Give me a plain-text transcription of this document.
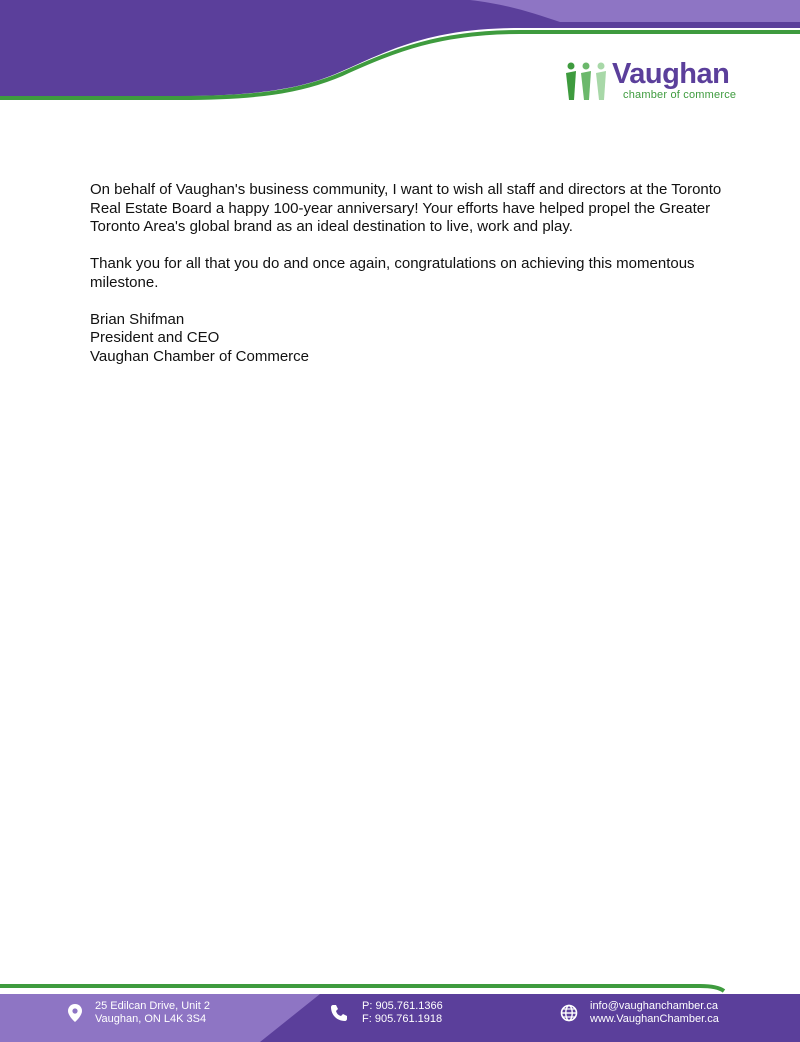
Vaughan
chamber of commerce

On behalf of Vaughan's business community, I want to wish all staff and directors at the Toronto Real Estate Board a happy 100-year anniversary! Your efforts have helped propel the Greater Toronto Area's global brand as an ideal destination to live, work and play.

Thank you for all that you do and once again, congratulations on achieving this momentous milestone.

Brian Shifman
President and CEO
Vaughan Chamber of Commerce
25 Edilcan Drive, Unit 2
Vaughan, ON L4K 3S4
P: 905.761.1366
F: 905.761.1918
info@vaughanchamber.ca
www.VaughanChamber.ca
